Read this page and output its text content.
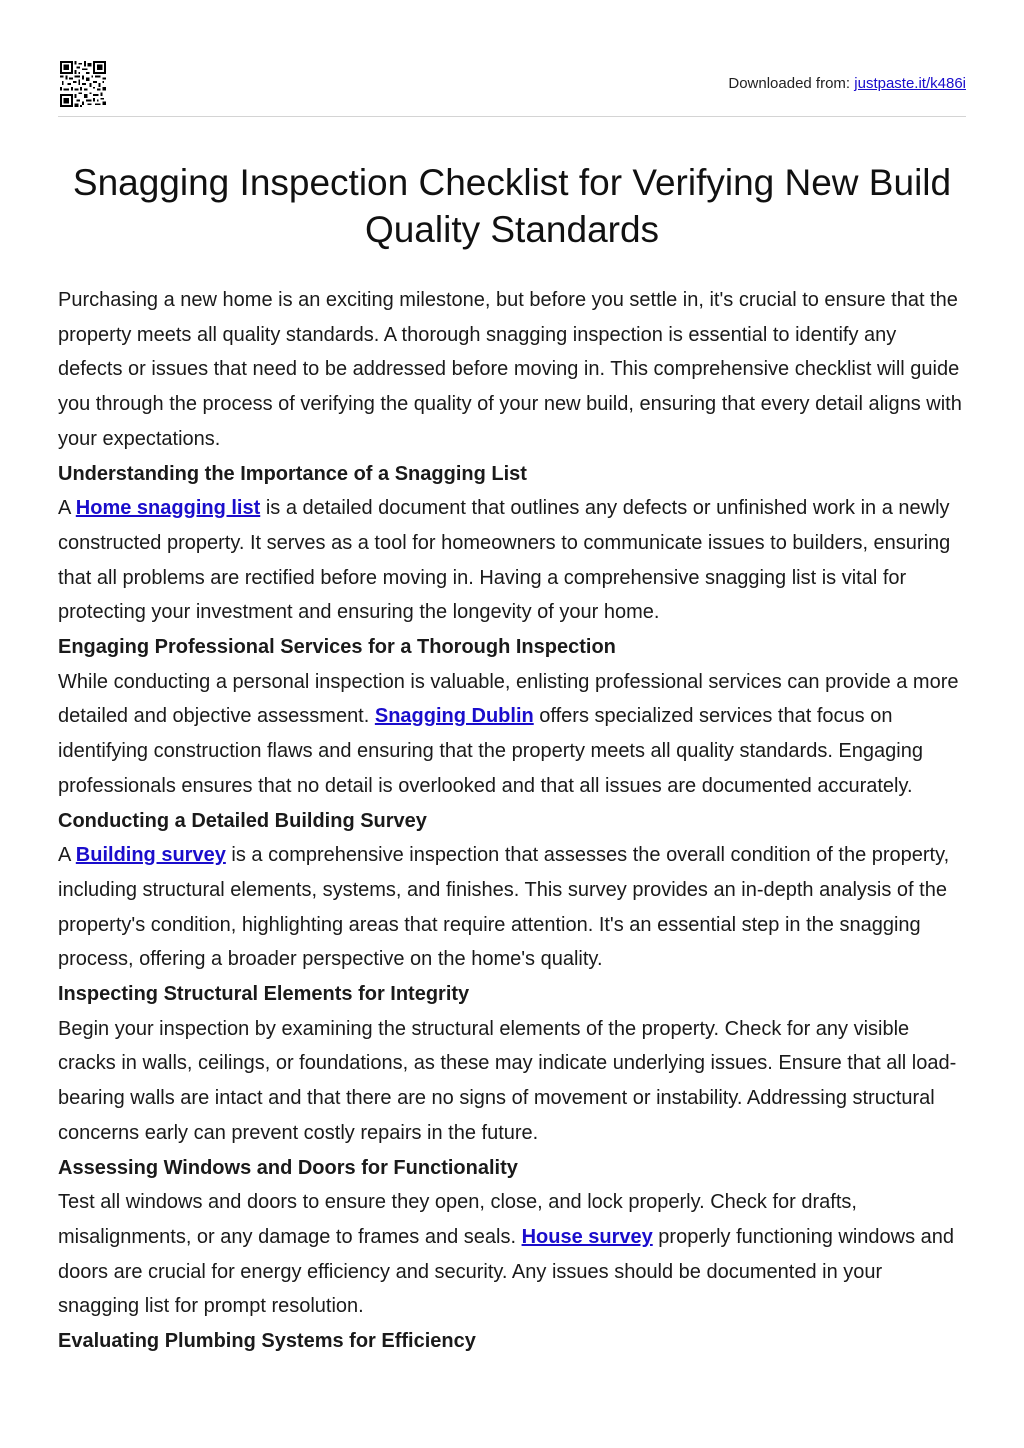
Downloaded from: justpaste.it/k486i
Snagging Inspection Checklist for Verifying New Build Quality Standards

Purchasing a new home is an exciting milestone, but before you settle in, it's crucial to ensure that the property meets all quality standards. A thorough snagging inspection is essential to identify any defects or issues that need to be addressed before moving in. This comprehensive checklist will guide you through the process of verifying the quality of your new build, ensuring that every detail aligns with your expectations.

Understanding the Importance of a Snagging List

A Home snagging list is a detailed document that outlines any defects or unfinished work in a newly constructed property. It serves as a tool for homeowners to communicate issues to builders, ensuring that all problems are rectified before moving in. Having a comprehensive snagging list is vital for protecting your investment and ensuring the longevity of your home.

Engaging Professional Services for a Thorough Inspection

While conducting a personal inspection is valuable, enlisting professional services can provide a more detailed and objective assessment. Snagging Dublin offers specialized services that focus on identifying construction flaws and ensuring that the property meets all quality standards. Engaging professionals ensures that no detail is overlooked and that all issues are documented accurately.

Conducting a Detailed Building Survey

A Building survey is a comprehensive inspection that assesses the overall condition of the property, including structural elements, systems, and finishes. This survey provides an in-depth analysis of the property's condition, highlighting areas that require attention. It's an essential step in the snagging process, offering a broader perspective on the home's quality.

Inspecting Structural Elements for Integrity

Begin your inspection by examining the structural elements of the property. Check for any visible cracks in walls, ceilings, or foundations, as these may indicate underlying issues. Ensure that all load-bearing walls are intact and that there are no signs of movement or instability. Addressing structural concerns early can prevent costly repairs in the future.

Assessing Windows and Doors for Functionality

Test all windows and doors to ensure they open, close, and lock properly. Check for drafts, misalignments, or any damage to frames and seals. House survey properly functioning windows and doors are crucial for energy efficiency and security. Any issues should be documented in your snagging list for prompt resolution.

Evaluating Plumbing Systems for Efficiency
